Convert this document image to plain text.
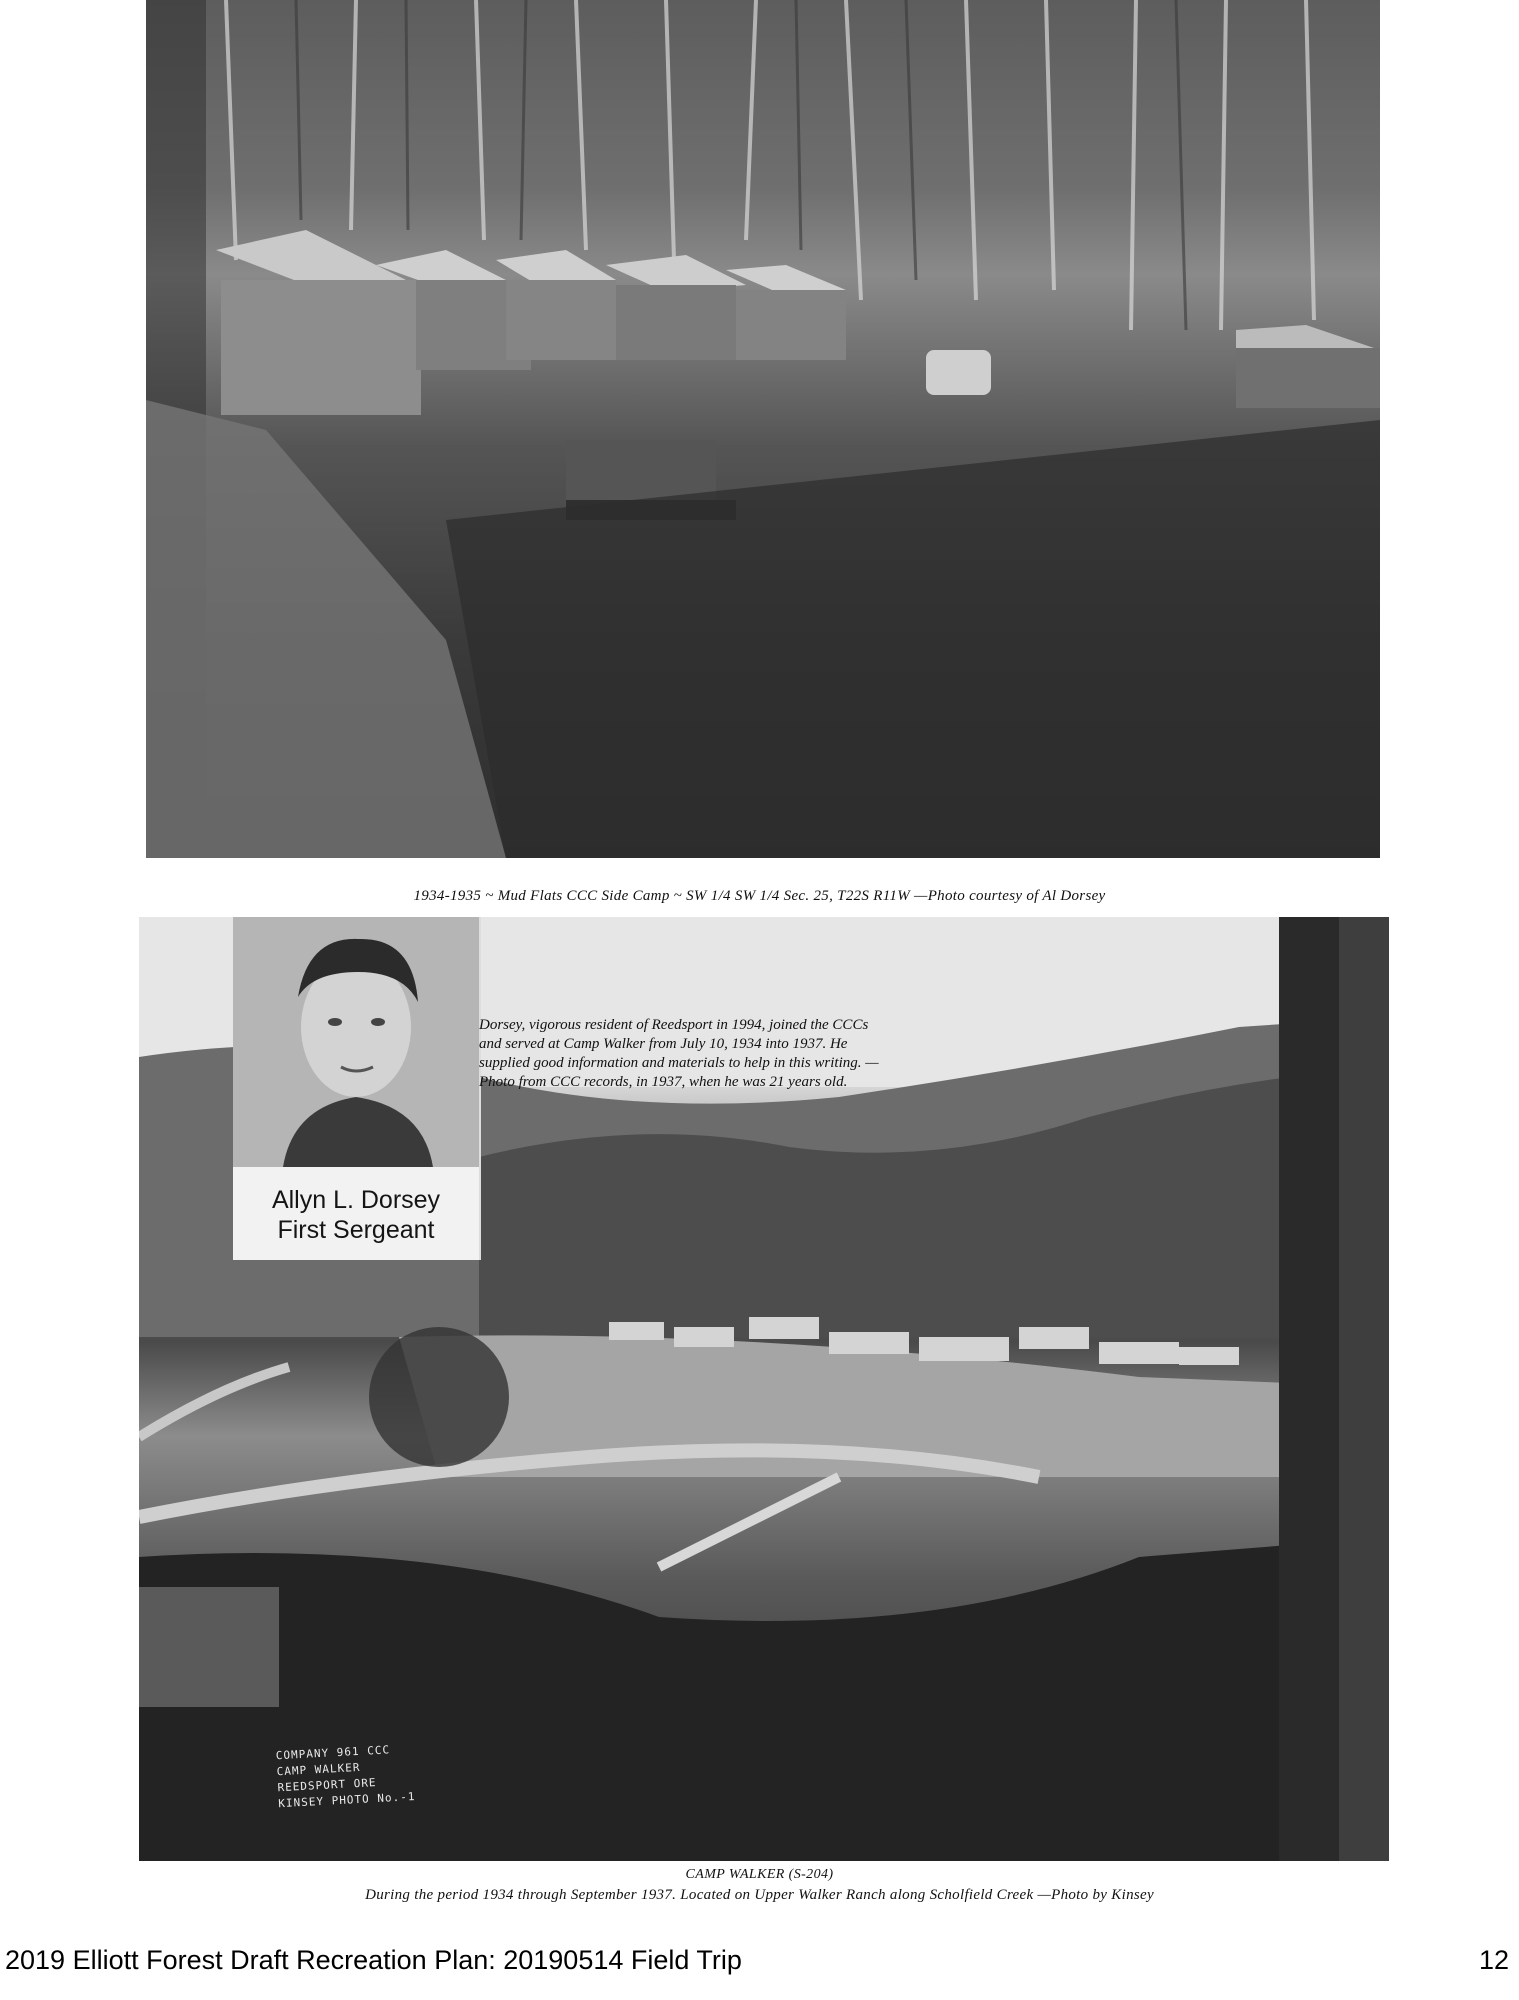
1934-1935 ~ Mud Flats CCC Side Camp ~ SW 1/4 SW 1/4 Sec. 25, T22S R11W —Photo courtesy of Al Dorsey
Allyn L. Dorsey
First Sergeant
Dorsey, vigorous resident of Reedsport in 1994, joined the CCCs and served at Camp Walker from July 10, 1934 into 1937. He supplied good information and materials to help in this writing. —Photo from CCC records, in 1937, when he was 21 years old.
COMPANY 961 CCC
CAMP WALKER
REEDSPORT ORE
KINSEY PHOTO No.-1
CAMP WALKER (S-204)
During the period 1934 through September 1937. Located on Upper Walker Ranch along Scholfield Creek —Photo by Kinsey
2019 Elliott Forest Draft Recreation Plan: 20190514 Field Trip	12
